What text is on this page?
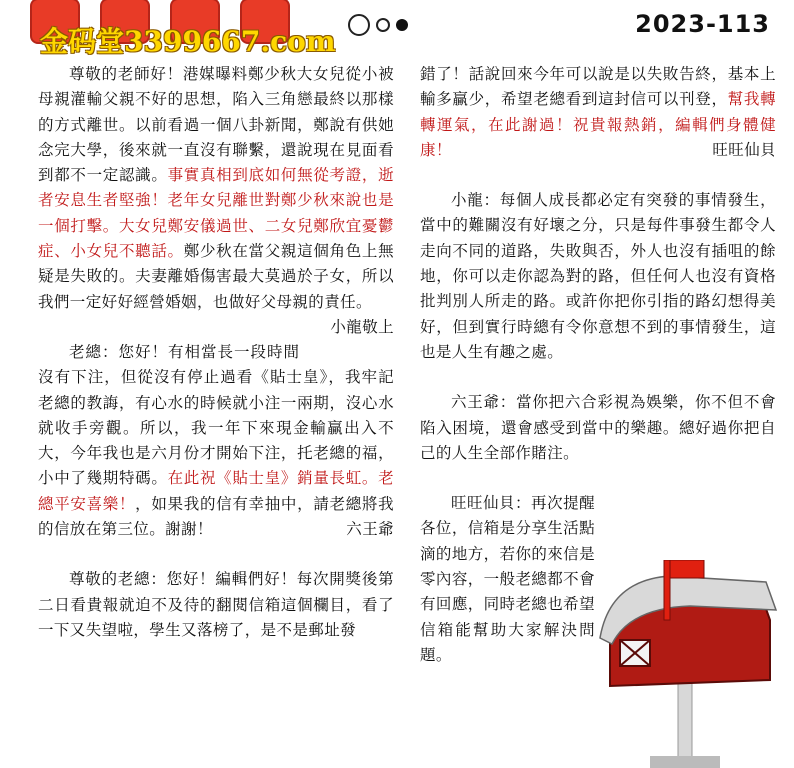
金码堂3399667.com
2023-113

尊敬的老師好！港媒曝料鄭少秋大女兒從小被母親灌輸父親不好的思想，陷入三角戀最終以那樣的方式離世。以前看過一個八卦新聞，鄭說有供她念完大學，後來就一直沒有聯繫，還說現在見面看到都不一定認識。事實真相到底如何無從考證，逝者安息生者堅強！老年女兒離世對鄭少秋來說也是一個打擊。大女兒鄭安儀過世、二女兒鄭欣宜憂鬱症、小女兒不聽話。鄭少秋在當父親這個角色上無疑是失敗的。夫妻離婚傷害最大莫過於子女，所以我們一定好好經營婚姻，也做好父母親的責任。
小龍敬上

老總：您好！有相當長一段時間沒有下注，但從沒有停止過看《貼士皇》，我牢記老總的教誨，有心水的時候就小注一兩期，沒心水就收手旁觀。所以，我一年下來現金輸贏出入不大，今年我也是六月份才開始下注，托老總的福，小中了幾期特碼。在此祝《貼士皇》銷量長虹。老總平安喜樂！，如果我的信有幸抽中，請老總將我的信放在第三位。謝謝！	六王爺

尊敬的老總：您好！編輯們好！每次開獎後第二日看貴報就迫不及待的翻閱信箱這個欄目，看了一下又失望啦，學生又落榜了，是不是郵址發

錯了！話說回來今年可以說是以失敗告終，基本上輸多贏少，希望老總看到這封信可以刊登，幫我轉轉運氣，在此謝過！祝貴報熱銷，編輯們身體健康！	旺旺仙貝

小龍：每個人成長都必定有突發的事情發生，當中的難關沒有好壞之分，只是每件事發生都令人走向不同的道路，失敗與否，外人也沒有插咀的餘地，你可以走你認為對的路，但任何人也沒有資格批判別人所走的路。或許你把你引指的路幻想得美好，但到實行時總有令你意想不到的事情發生，這也是人生有趣之處。

六王爺：當你把六合彩視為娛樂，你不但不會陷入困境，還會感受到當中的樂趣。總好過你把自己的人生全部作賭注。

旺旺仙貝：再次提醒各位，信箱是分享生活點滴的地方，若你的來信是零內容，一般老總都不會有回應，同時老總也希望信箱能幫助大家解決問題。
